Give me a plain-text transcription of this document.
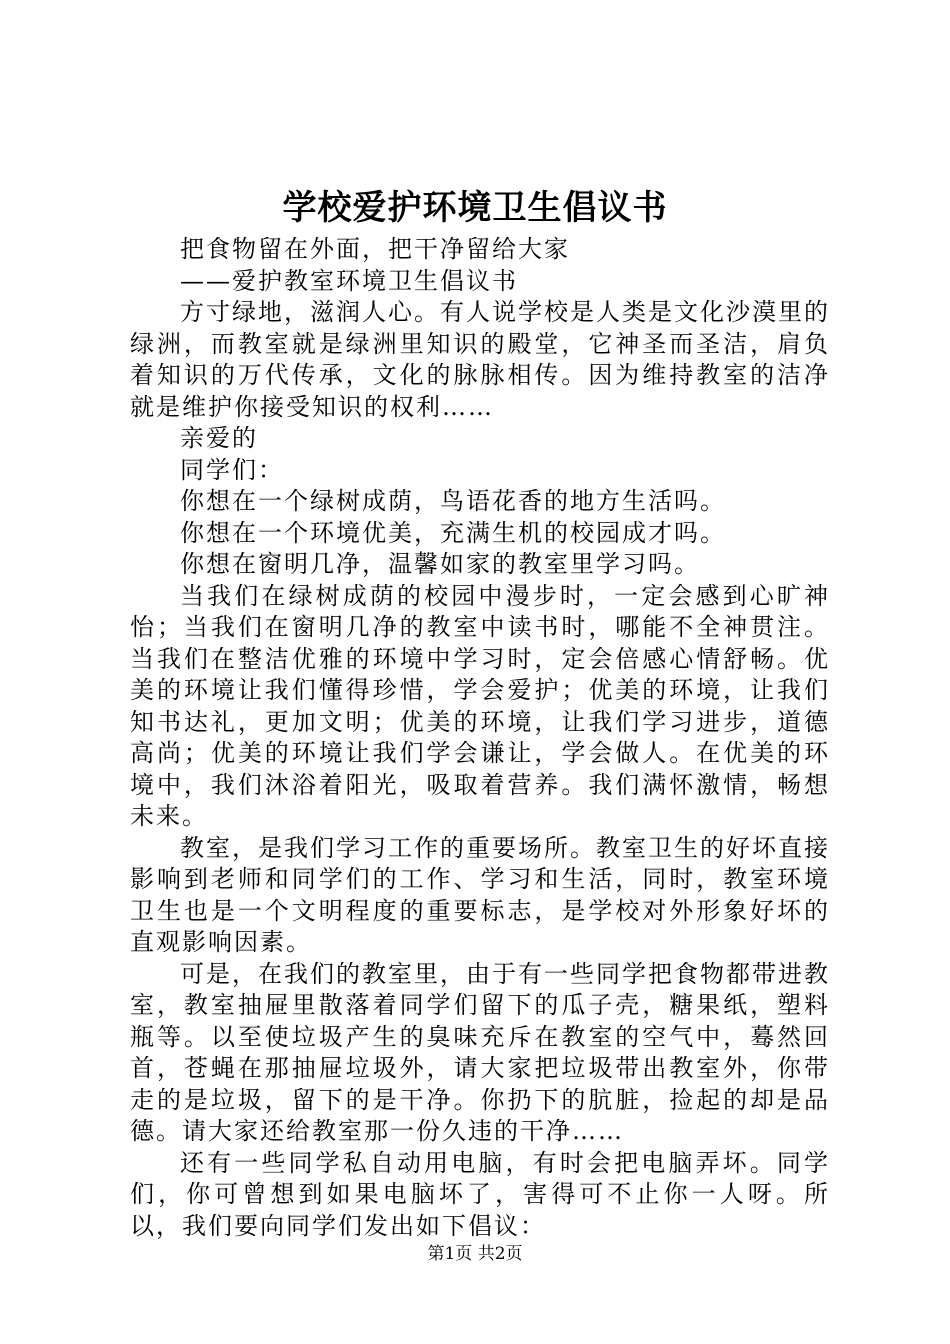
学校爱护环境卫生倡议书

把食物留在外面，把干净留给大家

——爱护教室环境卫生倡议书

方寸绿地，滋润人心。有人说学校是人类是文化沙漠里的绿洲，而教室就是绿洲里知识的殿堂，它神圣而圣洁，肩负着知识的万代传承，文化的脉脉相传。因为维持教室的洁净就是维护你接受知识的权利……

亲爱的

同学们：

你想在一个绿树成荫，鸟语花香的地方生活吗。

你想在一个环境优美，充满生机的校园成才吗。

你想在窗明几净，温馨如家的教室里学习吗。

当我们在绿树成荫的校园中漫步时，一定会感到心旷神怡；当我们在窗明几净的教室中读书时，哪能不全神贯注。当我们在整洁优雅的环境中学习时，定会倍感心情舒畅。优美的环境让我们懂得珍惜，学会爱护；优美的环境，让我们知书达礼，更加文明；优美的环境，让我们学习进步，道德高尚；优美的环境让我们学会谦让，学会做人。在优美的环境中，我们沐浴着阳光，吸取着营养。我们满怀激情，畅想未来。

教室，是我们学习工作的重要场所。教室卫生的好坏直接影响到老师和同学们的工作、学习和生活，同时，教室环境卫生也是一个文明程度的重要标志，是学校对外形象好坏的直观影响因素。

可是，在我们的教室里，由于有一些同学把食物都带进教室，教室抽屉里散落着同学们留下的瓜子壳，糖果纸，塑料瓶等。以至使垃圾产生的臭味充斥在教室的空气中，蓦然回首，苍蝇在那抽屉垃圾外，请大家把垃圾带出教室外，你带走的是垃圾，留下的是干净。你扔下的肮脏，捡起的却是品德。请大家还给教室那一份久违的干净……

还有一些同学私自动用电脑，有时会把电脑弄坏。同学们，你可曾想到如果电脑坏了，害得可不止你一人呀。所以，我们要向同学们发出如下倡议：

第1页 共2页
